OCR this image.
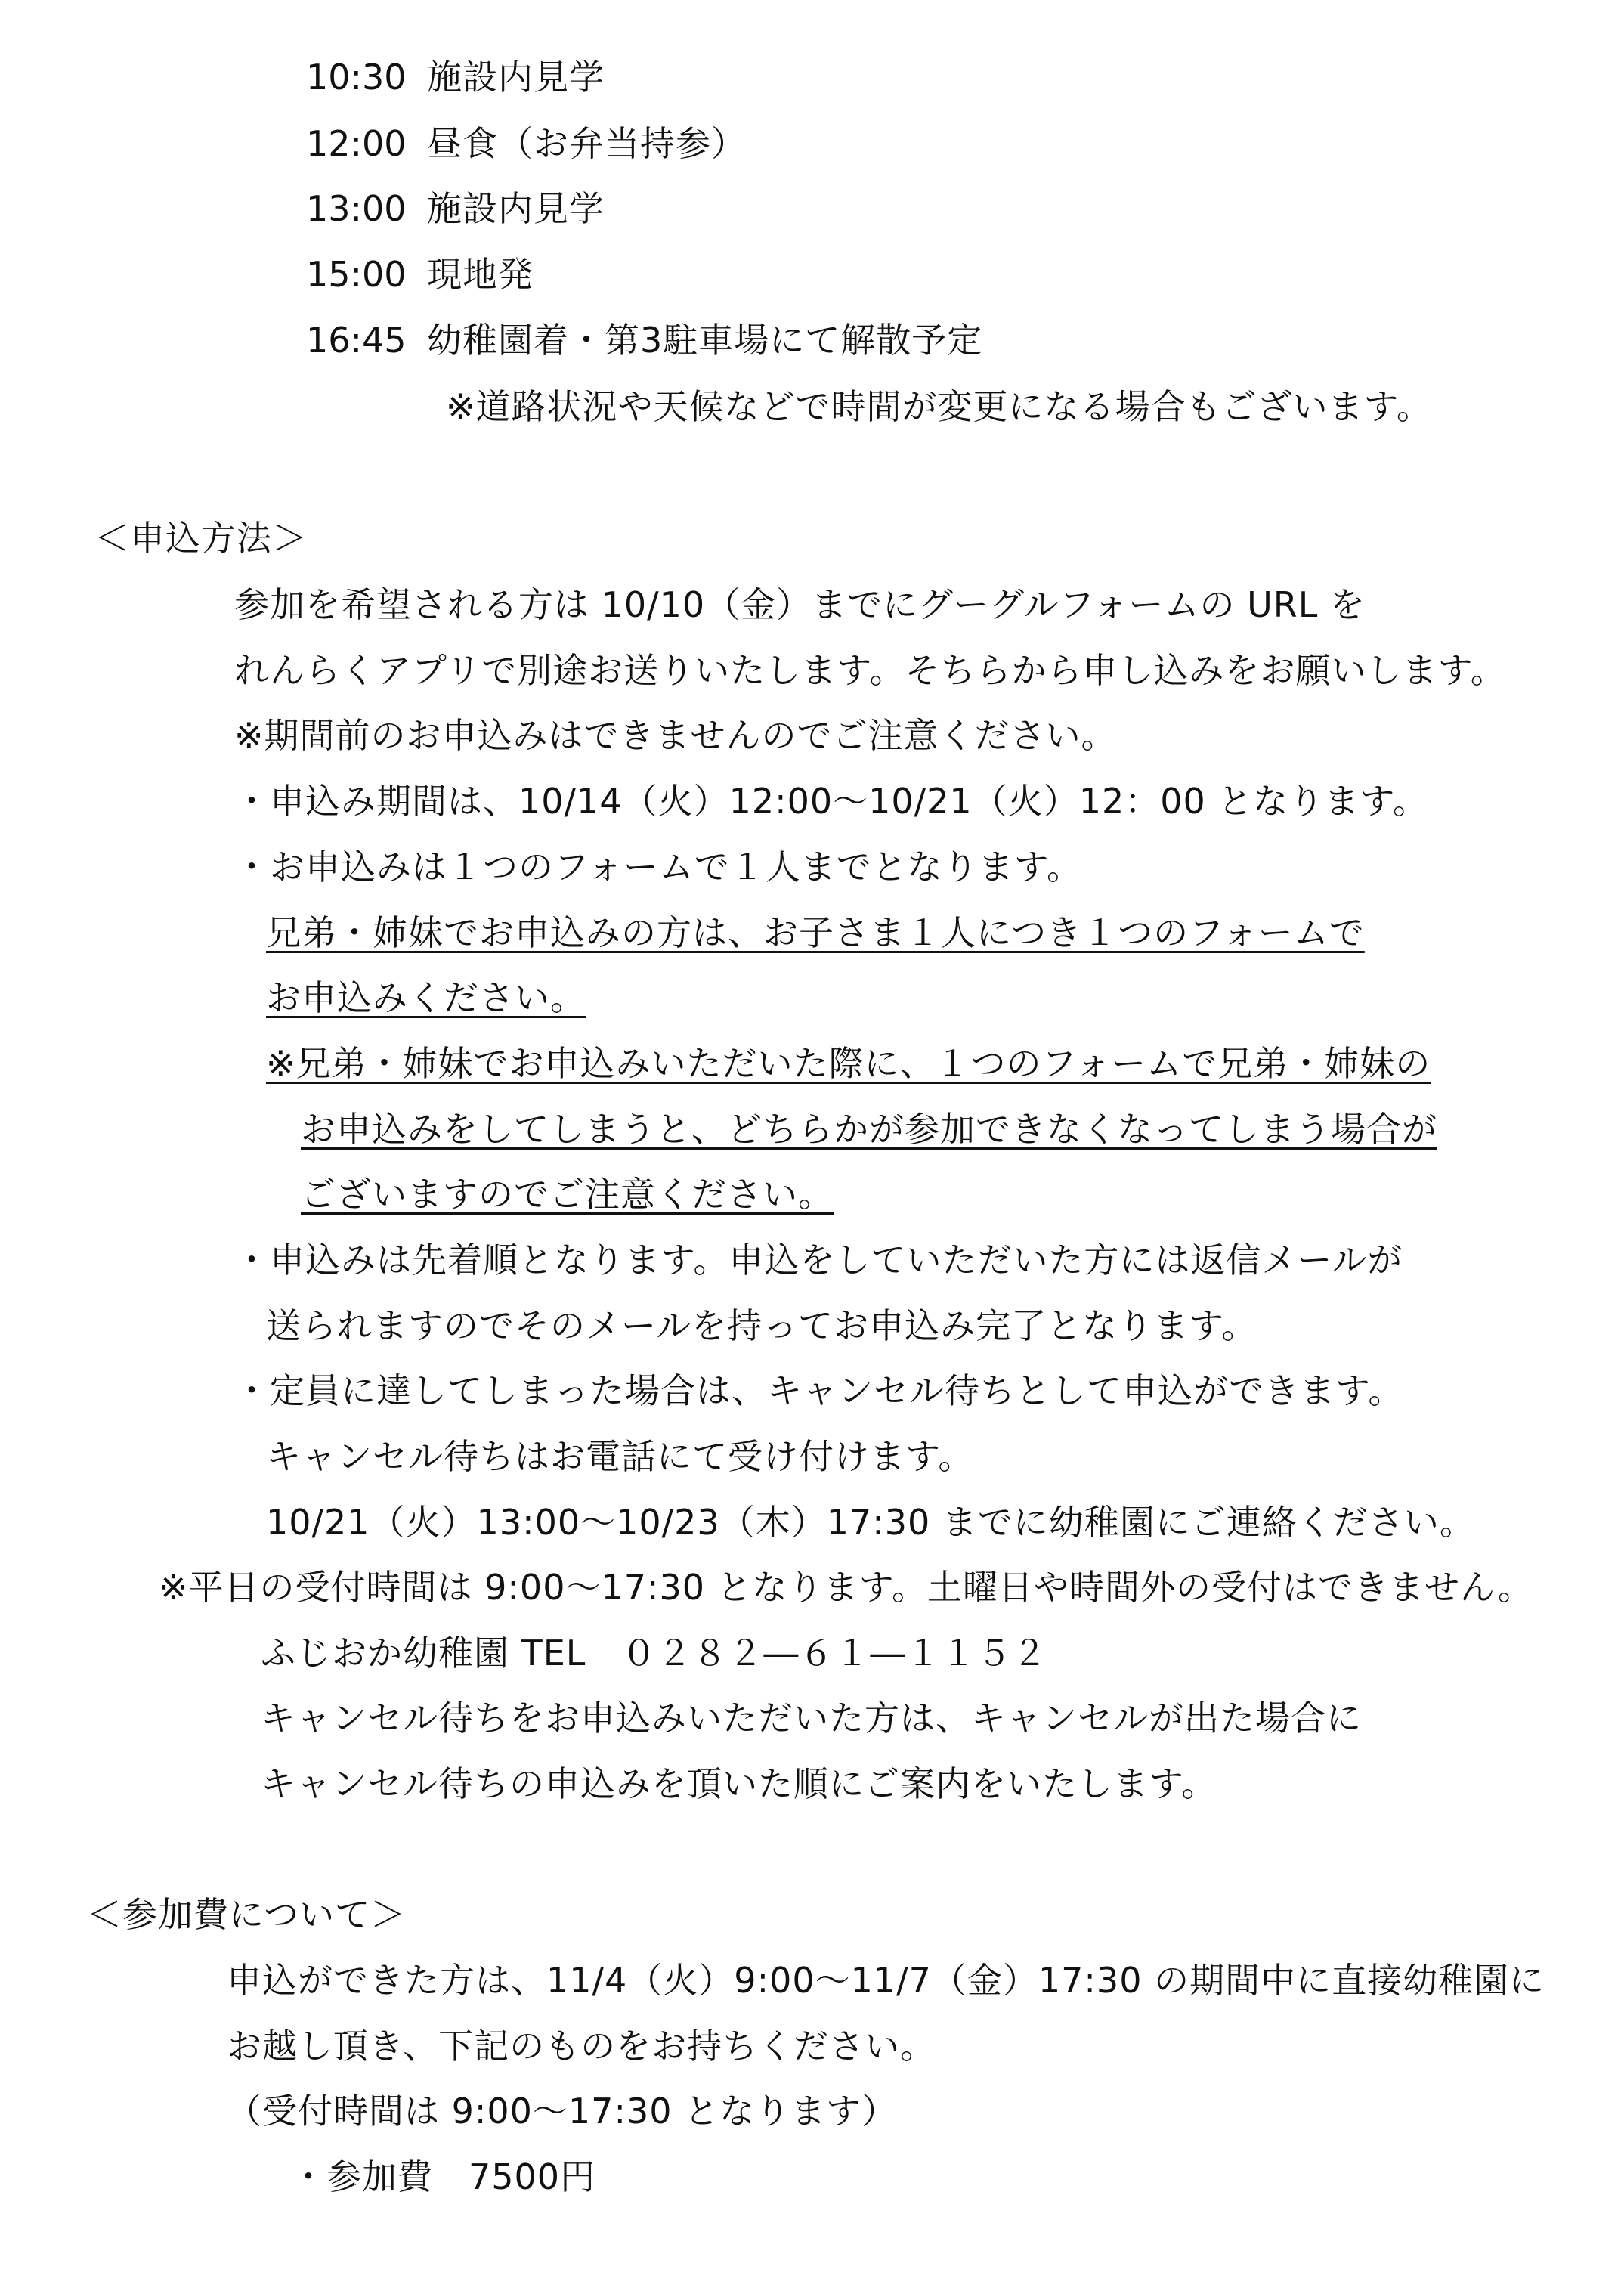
10:30 施設内見学
12:00 昼食（お弁当持参）
13:00 施設内見学
15:00 現地発
16:45 幼稚園着・第3駐車場にて解散予定
※道路状況や天候などで時間が変更になる場合もございます。
＜申込方法＞
参加を希望される方は 10/10（金）までにグーグルフォームの URL を
れんらくアプリで別途お送りいたします。そちらから申し込みをお願いします。
※期間前のお申込みはできませんのでご注意ください。
・申込み期間は、10/14（火）12:00～10/21（火）12：00 となります。
・お申込みは１つのフォームで１人までとなります。
兄弟・姉妹でお申込みの方は、お子さま１人につき１つのフォームで
お申込みください。
※兄弟・姉妹でお申込みいただいた際に、１つのフォームで兄弟・姉妹の
お申込みをしてしまうと、どちらかが参加できなくなってしまう場合が
ございますのでご注意ください。
・申込みは先着順となります。申込をしていただいた方には返信メールが
送られますのでそのメールを持ってお申込み完了となります。
・定員に達してしまった場合は、キャンセル待ちとして申込ができます。
キャンセル待ちはお電話にて受け付けます。
10/21（火）13:00～10/23（木）17:30 までに幼稚園にご連絡ください。
※平日の受付時間は 9:00～17:30 となります。土曜日や時間外の受付はできません。
ふじおか幼稚園 TEL　０２８２―６１―１１５２
キャンセル待ちをお申込みいただいた方は、キャンセルが出た場合に
キャンセル待ちの申込みを頂いた順にご案内をいたします。
＜参加費について＞
申込ができた方は、11/4（火）9:00～11/7（金）17:30 の期間中に直接幼稚園に
お越し頂き、下記のものをお持ちください。
（受付時間は 9:00～17:30 となります）
・参加費　7500円
